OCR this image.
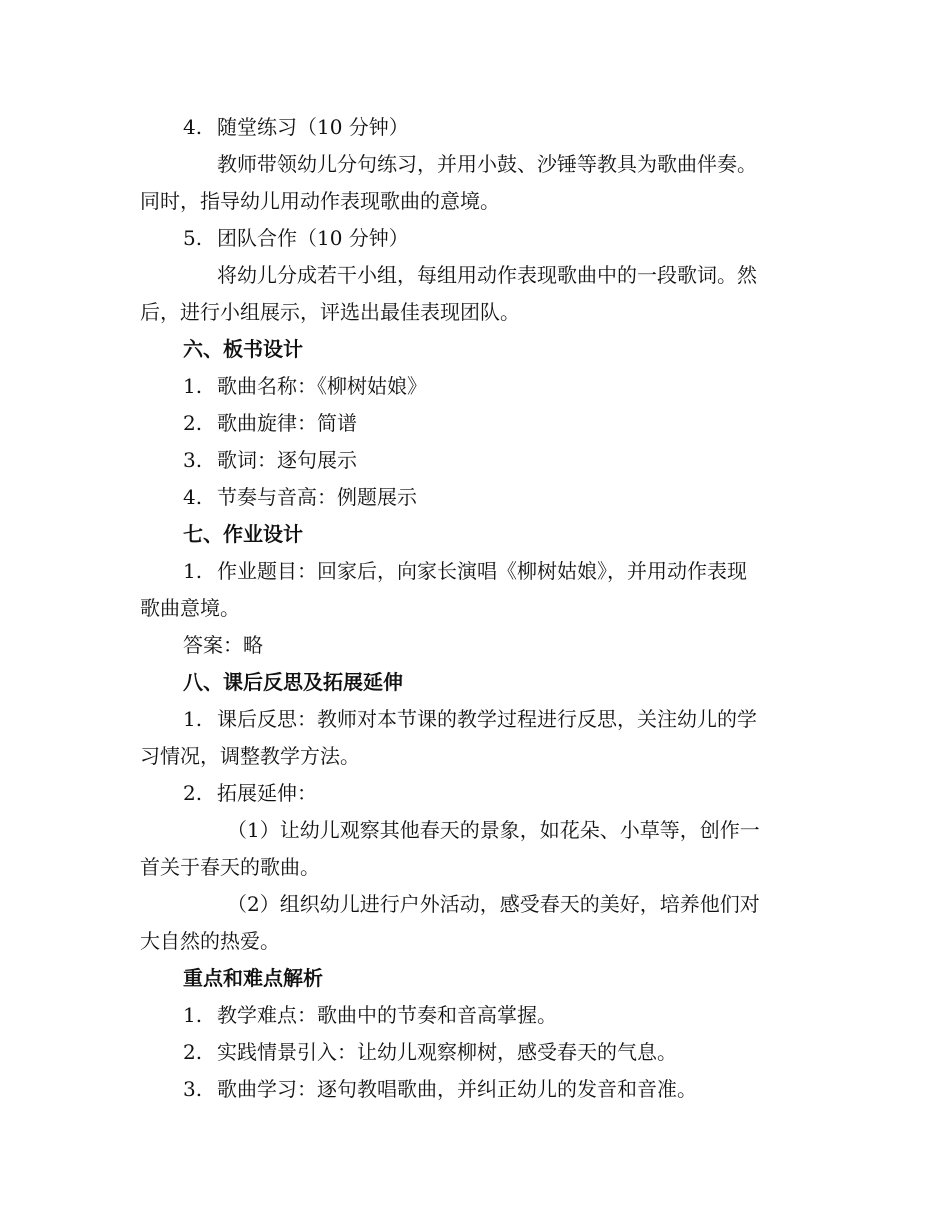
4. 随堂练习（10 分钟）
教师带领幼儿分句练习，并用小鼓、沙锤等教具为歌曲伴奏。
同时，指导幼儿用动作表现歌曲的意境。
5. 团队合作（10 分钟）
将幼儿分成若干小组，每组用动作表现歌曲中的一段歌词。然
后，进行小组展示，评选出最佳表现团队。
六、板书设计
1. 歌曲名称：《柳树姑娘》
2. 歌曲旋律：简谱
3. 歌词：逐句展示
4. 节奏与音高：例题展示
七、作业设计
1. 作业题目：回家后，向家长演唱《柳树姑娘》，并用动作表现
歌曲意境。
答案：略
八、课后反思及拓展延伸
1. 课后反思：教师对本节课的教学过程进行反思，关注幼儿的学
习情况，调整教学方法。
2. 拓展延伸：
（1）让幼儿观察其他春天的景象，如花朵、小草等，创作一
首关于春天的歌曲。
（2）组织幼儿进行户外活动，感受春天的美好，培养他们对
大自然的热爱。
重点和难点解析
1. 教学难点：歌曲中的节奏和音高掌握。
2. 实践情景引入：让幼儿观察柳树，感受春天的气息。
3. 歌曲学习：逐句教唱歌曲，并纠正幼儿的发音和音准。
